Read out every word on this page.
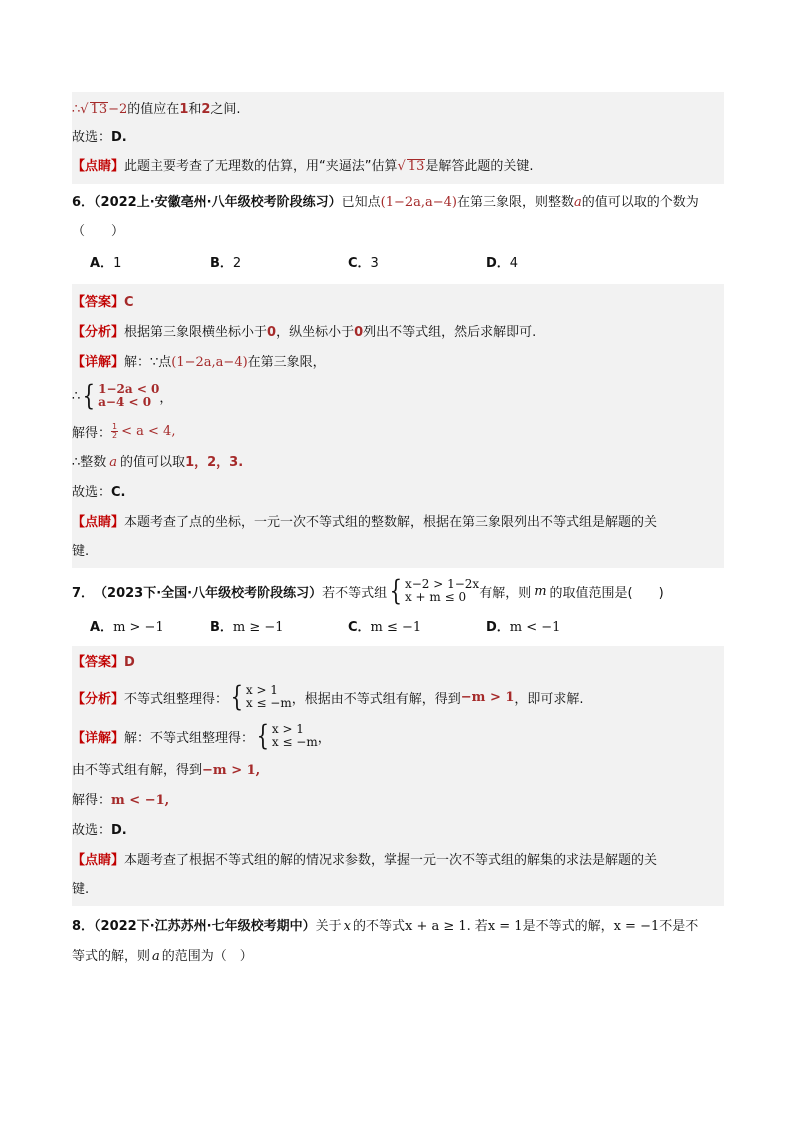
∴√ 13−2的值应在1和2之间.
故选：D.
【点睛】此题主要考查了无理数的估算，用“夹逼法”估算√ 13是解答此题的关键.
6．（2022上·安徽亳州·八年级校考阶段练习）已知点(1−2a,a−4)在第三象限，则整数a的值可以取的个数为
（　　）
A．1	B．2	C．3	D．4
【答案】C
【分析】根据第三象限横坐标小于0，纵坐标小于0列出不等式组，然后求解即可.
【详解】解：∵点(1−2a,a−4)在第三象限，
∴ { 1−2a < 0
a−4 < 0 ，
解得： $\frac{1}{2} < a < 4$,
∴整数 a 的值可以取1，2，3.
故选：C.
【点睛】本题考查了点的坐标，一元一次不等式组的整数解，根据在第三象限列出不等式组是解题的关
键.
7． （2023下·全国·八年级校考阶段练习） 若不等式组 { x−2 > 1−2x
x + m ≤ 0	有解，则 m 的取值范围是(　　)
A．m > −1	B．m ≥ −1	C．m ≤ −1	D．m < −1
【答案】D
【分析】 不等式组整理得： { x > 1
x ≤ −m ，根据由不等式组有解，得到 −m > 1 ，即可求解.
【详解】 解：不等式组整理得： { x > 1
x ≤ −m ，
由不等式组有解，得到−m > 1,
解得：m < −1,
故选：D.
【点睛】本题考查了根据不等式组的解的情况求参数，掌握一元一次不等式组的解集的求法是解题的关
键.
8．（2022下·江苏苏州·七年级校考期中）关于 x 的不等式x + a ≥ 1. 若x = 1是不等式的解，x = −1不是不
等式的解，则 a 的范围为（　）
